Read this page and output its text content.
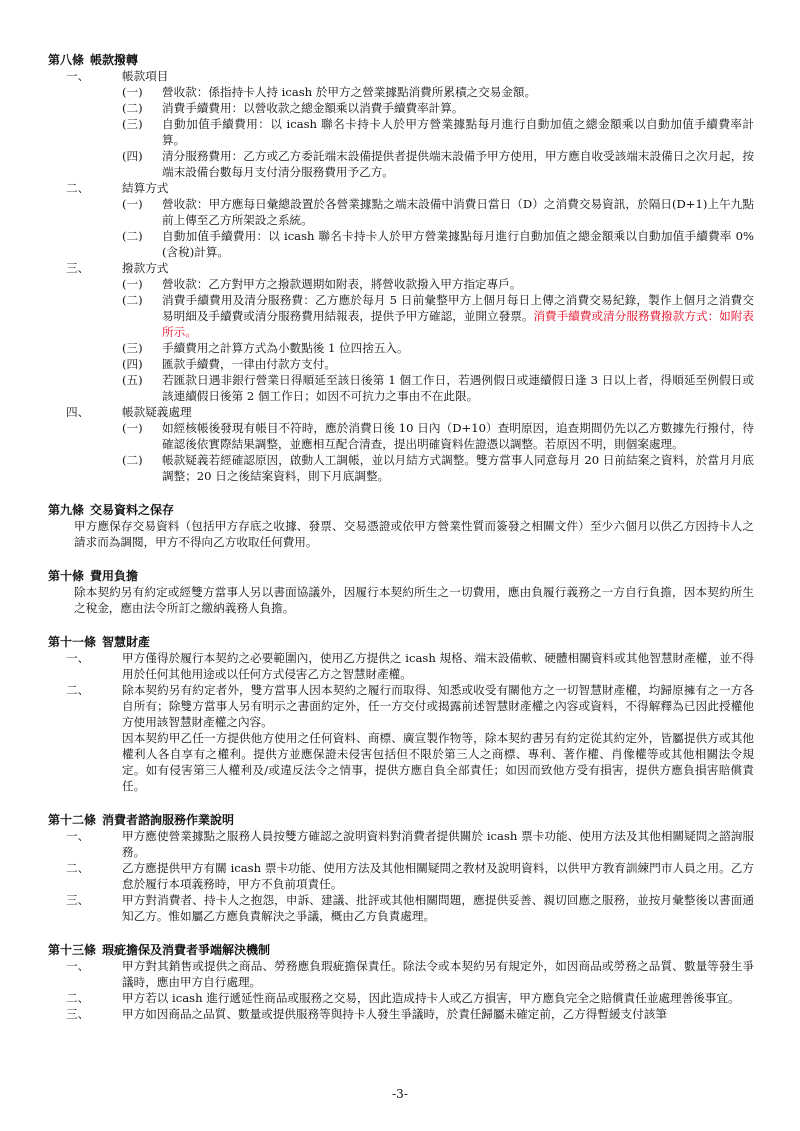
第八條 帳款撥轉
一、	帳款項目
(一)	營收款：係指持卡人持 icash 於甲方之營業據點消費所累積之交易金額。
(二)	消費手續費用：以營收款之總金額乘以消費手續費率計算。
(三)	自動加值手續費用：以 icash 聯名卡持卡人於甲方營業據點每月進行自動加值之總金額乘以自動加值手續費率計算。
(四)	清分服務費用：乙方或乙方委託端末設備提供者提供端末設備予甲方使用，甲方應自收受該端末設備日之次月起，按端末設備台數每月支付清分服務費用予乙方。
二、	結算方式
(一)	營收款：甲方應每日彙總設置於各營業據點之端末設備中消費日當日（D）之消費交易資訊，於隔日(D+1)上午九點前上傳至乙方所架設之系統。
(二)	自動加值手續費用：以 icash 聯名卡持卡人於甲方營業據點每月進行自動加值之總金額乘以自動加值手續費率 0%(含稅)計算。
三、	撥款方式
(一)	營收款：乙方對甲方之撥款週期如附表，將營收款撥入甲方指定專戶。
(二)	消費手續費用及清分服務費：乙方應於每月 5 日前彙整甲方上個月每日上傳之消費交易紀錄，製作上個月之消費交易明細及手續費或清分服務費用結報表，提供予甲方確認，並開立發票。消費手續費或清分服務費撥款方式：如附表所示。
(三)	手續費用之計算方式為小數點後 1 位四捨五入。
(四)	匯款手續費，一律由付款方支付。
(五)	若匯款日遇非銀行營業日得順延至該日後第 1 個工作日，若遇例假日或連續假日逢 3 日以上者，得順延至例假日或該連續假日後第 2 個工作日；如因不可抗力之事由不在此限。
四、	帳款疑義處理
(一)	如經核帳後發現有帳目不符時，應於消費日後 10 日內（D+10）查明原因，追查期間仍先以乙方數據先行撥付，待確認後依實際結果調整，並應相互配合清查，提出明確資料佐證憑以調整。若原因不明，則個案處理。
(二)	帳款疑義若經確認原因，啟動人工調帳，並以月結方式調整。雙方當事人同意每月 20 日前結案之資料，於當月月底調整；20 日之後結案資料，則下月底調整。
第九條 交易資料之保存
甲方應保存交易資料（包括甲方存底之收據、發票、交易憑證或依甲方營業性質而簽發之相關文件）至少六個月以供乙方因持卡人之請求而為調閱，甲方不得向乙方收取任何費用。
第十條 費用負擔
除本契約另有約定或經雙方當事人另以書面協議外，因履行本契約所生之一切費用，應由負履行義務之一方自行負擔，因本契約所生之稅金，應由法令所訂之繳納義務人負擔。
第十一條 智慧財產
一、	甲方僅得於履行本契約之必要範圍內，使用乙方提供之 icash 規格、端末設備軟、硬體相關資料或其他智慧財產權，並不得用於任何其他用途或以任何方式侵害乙方之智慧財產權。
二、	除本契約另有約定者外，雙方當事人因本契約之履行而取得、知悉或收受有關他方之一切智慧財產權，均歸原擁有之一方各自所有；除雙方當事人另有明示之書面約定外，任一方交付或揭露前述智慧財產權之內容或資料，不得解釋為已因此授權他方使用該智慧財產權之內容。
因本契約甲乙任一方提供他方使用之任何資料、商標、廣宣製作物等，除本契約書另有約定從其約定外，皆屬提供方或其他權利人各自享有之權利。提供方並應保證未侵害包括但不限於第三人之商標、專利、著作權、肖像權等或其他相關法令規定。如有侵害第三人權利及/或違反法令之情事，提供方應自負全部責任；如因而致他方受有損害，提供方應負損害賠償責任。
第十二條 消費者諮詢服務作業說明
一、	甲方應使營業據點之服務人員按雙方確認之說明資料對消費者提供關於 icash 票卡功能、使用方法及其他相關疑問之諮詢服務。
二、	乙方應提供甲方有關 icash 票卡功能、使用方法及其他相關疑問之教材及說明資料，以供甲方教育訓練門市人員之用。乙方怠於履行本項義務時，甲方不負前項責任。
三、	甲方對消費者、持卡人之抱怨，申訴、建議、批評或其他相關問題，應提供妥善、親切回應之服務，並按月彙整後以書面通知乙方。惟如屬乙方應負責解決之爭議，概由乙方負責處理。
第十三條 瑕疵擔保及消費者爭端解決機制
一、	甲方對其銷售或提供之商品、勞務應負瑕疵擔保責任。除法令或本契約另有規定外，如因商品或勞務之品質、數量等發生爭議時，應由甲方自行處理。
二、	甲方若以 icash 進行遞延性商品或服務之交易，因此造成持卡人或乙方損害，甲方應負完全之賠償責任並處理善後事宜。
三、	甲方如因商品之品質、數量或提供服務等與持卡人發生爭議時，於責任歸屬未確定前，乙方得暫緩支付該筆
-3-
